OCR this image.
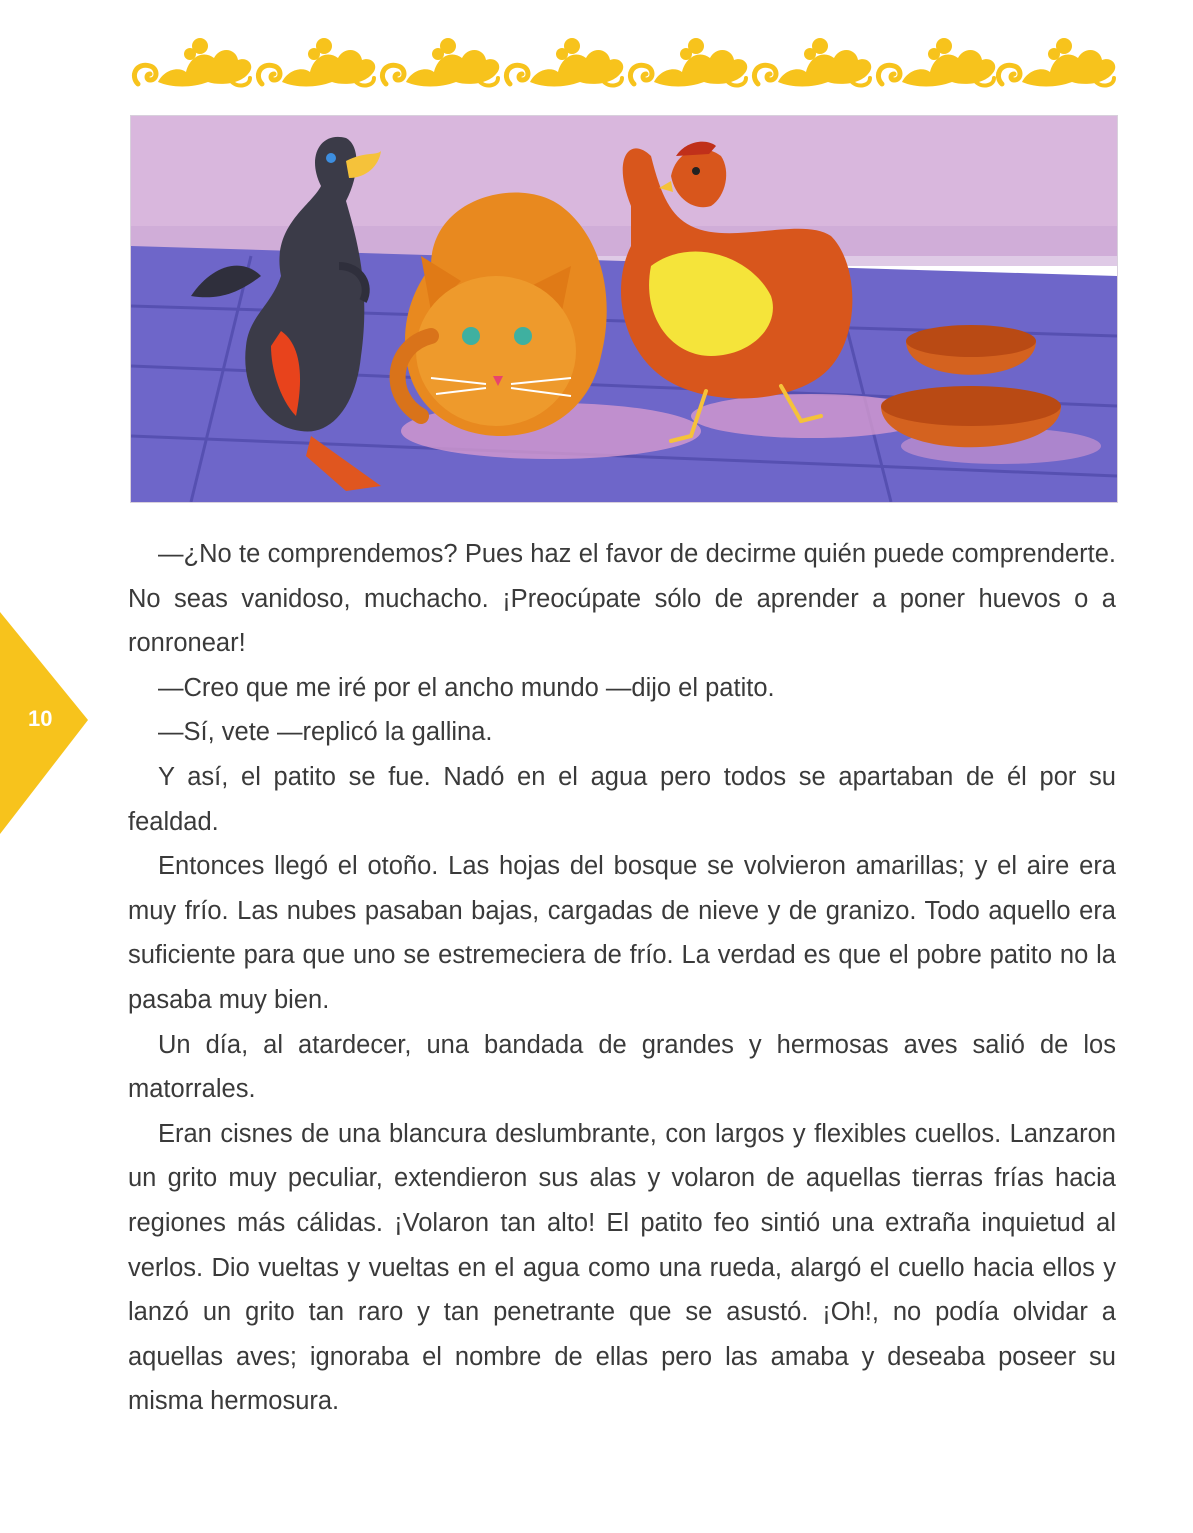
10

—¿No te comprendemos? Pues haz el favor de decirme quién puede comprenderte. No seas vanidoso, muchacho. ¡Preocúpate sólo de aprender a poner huevos o a ronronear!

—Creo que me iré por el ancho mundo —dijo el patito.

—Sí, vete —replicó la gallina.

Y así, el patito se fue. Nadó en el agua pero todos se apartaban de él por su fealdad.

Entonces llegó el otoño. Las hojas del bosque se volvieron amarillas; y el aire era muy frío. Las nubes pasaban bajas, cargadas de nieve y de granizo. Todo aquello era suficiente para que uno se estremeciera de frío. La verdad es que el pobre patito no la pasaba muy bien.

Un día, al atardecer, una bandada de grandes y hermosas aves salió de los matorrales.

Eran cisnes de una blancura deslumbrante, con largos y flexibles cuellos. Lanzaron un grito muy peculiar, extendieron sus alas y volaron de aquellas tierras frías hacia regiones más cálidas. ¡Volaron tan alto! El patito feo sintió una extraña inquietud al verlos. Dio vueltas y vueltas en el agua como una rueda, alargó el cuello hacia ellos y lanzó un grito tan raro y tan penetrante que se asustó. ¡Oh!, no podía olvidar a aquellas aves; ignoraba el nombre de ellas pero las amaba y deseaba poseer su misma hermosura.
